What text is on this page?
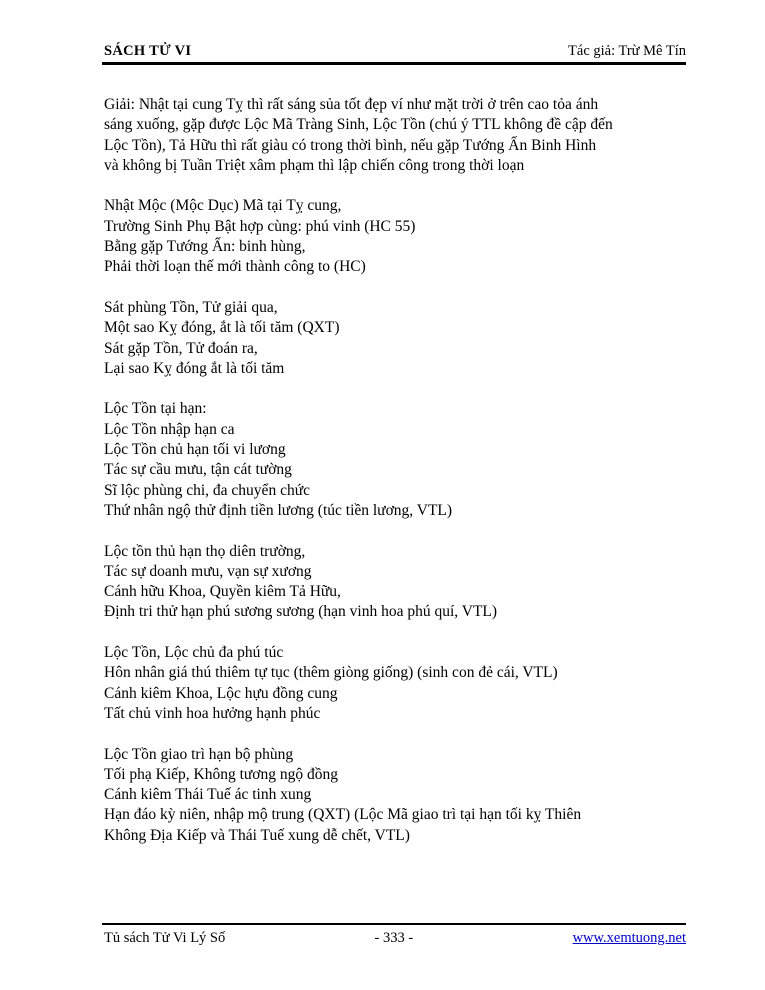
SÁCH TỬ VI	Tác giả: Trừ Mê Tín
Giải: Nhật tại cung Tỵ thì rất sáng sủa tốt đẹp ví như mặt trời ở trên cao tỏa ánh
sáng xuống, gặp được Lộc Mã Tràng Sinh, Lộc Tồn (chú ý TTL không đề cập đến
Lộc Tồn), Tả Hữu thì rất giàu có trong thời bình, nếu gặp Tướng Ấn Binh Hình
và không bị Tuần Triệt xâm phạm thì lập chiến công trong thời loạn
Nhật Mộc (Mộc Dục) Mã tại Tỵ cung,
Trường Sinh Phụ Bật hợp cùng: phú vinh (HC 55)
Bằng gặp Tướng Ấn: binh hùng,
Phải thời loạn thế mới thành công to (HC)
Sát phùng Tồn, Tử giải qua,
Một sao Kỵ đóng, ắt là tối tăm (QXT)
Sát gặp Tồn, Tử đoán ra,
Lại sao Kỵ đóng ắt là tối tăm
Lộc Tồn tại hạn:
Lộc Tồn nhập hạn ca
Lộc Tồn chủ hạn tối vi lương
Tác sự cầu mưu, tận cát tường
Sĩ lộc phùng chi, đa chuyển chức
Thứ nhân ngộ thử định tiền lương (túc tiền lương, VTL)
Lộc tồn thủ hạn thọ diên trường,
Tác sự doanh mưu, vạn sự xương
Cánh hữu Khoa, Quyền kiêm Tả Hữu,
Định tri thử hạn phú sương sương (hạn vinh hoa phú quí, VTL)
Lộc Tồn, Lộc chủ đa phú túc
Hôn nhân giá thú thiêm tự tục (thêm giòng giống) (sinh con đẻ cái, VTL)
Cánh kiêm Khoa, Lộc hựu đồng cung
Tất chủ vinh hoa hưởng hạnh phúc
Lộc Tồn giao trì hạn bộ phùng
Tối phạ Kiếp, Không tương ngộ đồng
Cánh kiêm Thái Tuế ác tinh xung
Hạn đáo kỳ niên, nhập mộ trung (QXT) (Lộc Mã giao trì tại hạn tối kỵ Thiên
Không Địa Kiếp và Thái Tuế xung dễ chết, VTL)
Tủ sách Tử Vi Lý Số	- 333 -	www.xemtuong.net
